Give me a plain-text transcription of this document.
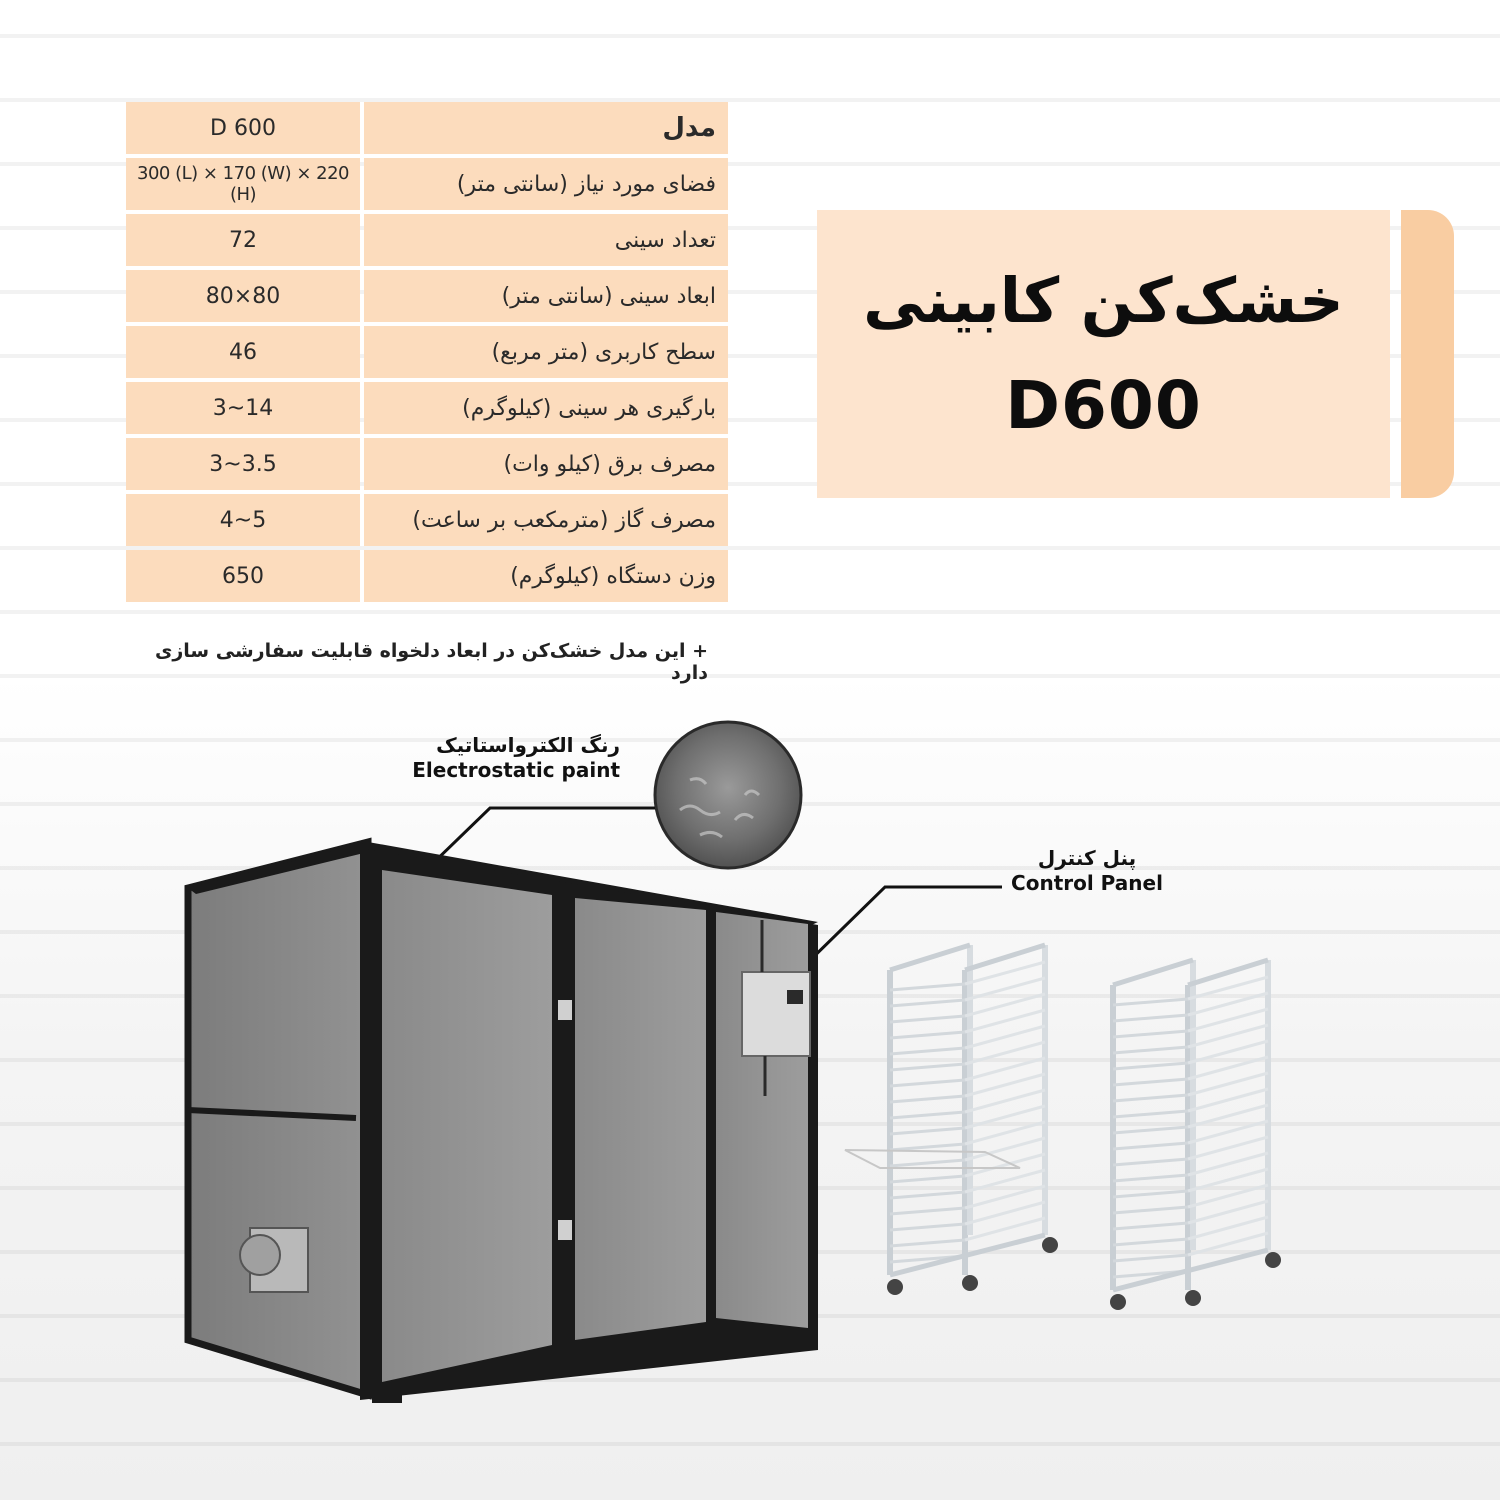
D 600	مدل
300 (L) × 170 (W) × 220 (H)	فضای مورد نیاز (سانتی متر)
72	تعداد سینی
80×80	ابعاد سینی (سانتی متر)
46	سطح کاربری (متر مربع)
3~14	بارگیری هر سینی (کیلوگرم)
3~3.5	مصرف برق (کیلو وات)
4~5	مصرف گاز (مترمکعب بر ساعت)
650	وزن دستگاه (کیلوگرم)
+ این مدل خشک‌کن در ابعاد دلخواه قابلیت سفارشی سازی دارد
خشک‌کن کابینی
D600
رنگ الکترواستاتیک
Electrostatic paint
پنل کنترل
Control Panel
